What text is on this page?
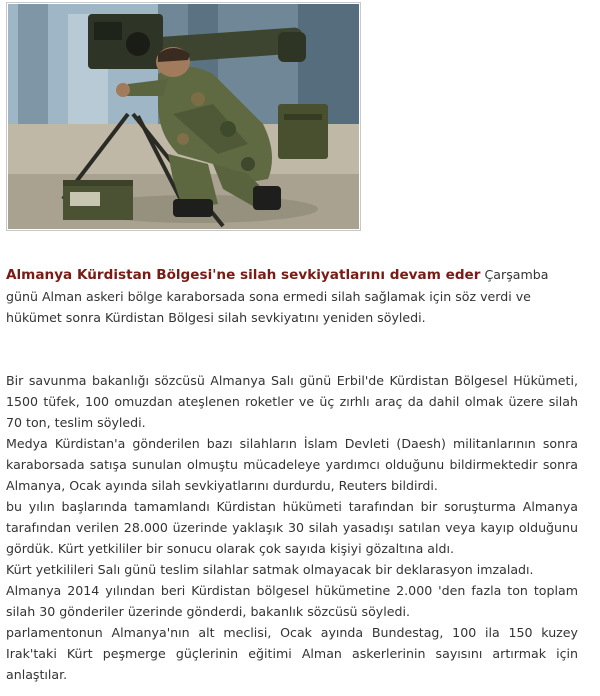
Almanya Kürdistan Bölgesi'ne silah sevkiyatlarını devam eder Çarşamba günü Alman askeri bölge karaborsada sona ermedi silah sağlamak için söz verdi ve hükümet sonra Kürdistan Bölgesi silah sevkiyatını yeniden söyledi.

Bir savunma bakanlığı sözcüsü Almanya Salı günü Erbil'de Kürdistan Bölgesel Hükümeti, 1500 tüfek, 100 omuzdan ateşlenen roketler ve üç zırhlı araç da dahil olmak üzere silah 70 ton, teslim söyledi.

Medya Kürdistan'a gönderilen bazı silahların İslam Devleti (Daesh) militanlarının sonra karaborsada satışa sunulan olmuştu mücadeleye yardımcı olduğunu bildirmektedir sonra Almanya, Ocak ayında silah sevkiyatlarını durdurdu, Reuters bildirdi.

bu yılın başlarında tamamlandı Kürdistan hükümeti tarafından bir soruşturma Almanya tarafından verilen 28.000 üzerinde yaklaşık 30 silah yasadışı satılan veya kayıp olduğunu gördük. Kürt yetkililer bir sonucu olarak çok sayıda kişiyi gözaltına aldı.

Kürt yetkilileri Salı günü teslim silahlar satmak olmayacak bir deklarasyon imzaladı.

Almanya 2014 yılından beri Kürdistan bölgesel hükümetine 2.000 'den fazla ton toplam silah 30 gönderiler üzerinde gönderdi, bakanlık sözcüsü söyledi.

parlamentonun Almanya'nın alt meclisi, Ocak ayında Bundestag, 100 ila 150 kuzey Irak'taki Kürt peşmerge güçlerinin eğitimi Alman askerlerinin sayısını artırmak için anlaştılar.
